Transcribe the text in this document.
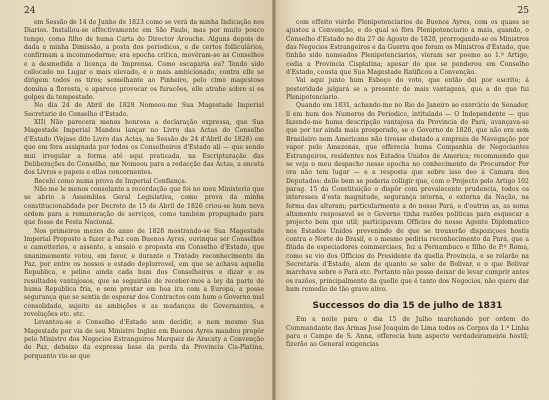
24

em Sessão de 14 de Junho de 1823 como se verá da minha Indicação nos Diarios. Installou-se effectivamente em São Paulo, mas por muito pouco tempo, como filho de huma Carta do Director Arouche. Alguns depois de dada a minha Dimissão, a posta dos periodicos, e de certos folliculários, confirmam a incommodarme; era epocha critica, movêram-se as Conselhos e a desmedida a licença de Imprensa. Como escaparia eu? Tendo sido collocado no Lugar o mais elevado, e o mais ambicionado, contra elle se dirigem todos os tiros; semelhante ao Pinheiro, pelo cimo magestoso domina a floresta, e aparece provocar os furacões, elle atrahe sobre si os golpes da tempestade.

No dia 24 de Abril de 1828 Nomeou-me Sua Magestade Imperial Secretario do Conselho d'Estado.

XII) Não parecera menos honrosa a declaração expressa, que Sua Magestade Imperial Mandou lançar no Livro das Actas do Conselho d'Estado (Vejase dito Livro das Actas, na Sessão de 24 d'Abril de 1828) em que em fora assignada por todos os Conselheiros d'Estado ali — que sendo mui irregular a forma até aqui praticada, na Escripturação das Deliberações do Conselho, me Nomeou para a redacção das Actas, a encetá dos Livros e papeis e ellas concernentes.

Recebi como numa prova de Imperial Confiança.

Não me le menos consolante a recordação que foi no meu Ministerio que se abrio a Assemblea Geral Legislativa, como prova da minha constitucionalidade por Decreto de 15 de Abril de 1826 criou-se hum nova ordem para a remuneração de serviços, como também propugnado para que fosse de Festa Nacional.

Nos primeiros mezes do anno de 1828 mostrando-se Sua Magestade Imperial Proposto a fazer a Paz com Buenos Ayres, ouvinque ser Conselhos e cametterios, e assento, a ensaio e proposta em Conselho d'Estado, que unanimemente votou, em favor, e durante o Tratado reconhecimento da Paz, por entre os nossos e estado deplorrovel, em que se achava aquella Republica, e pelino ainda cada hum dos Conselheiros e dizar e os resultados vantajosos, que se seguirião de receber-mos a ley da parte de huma Republica fria, e sem prestar em boa ira com a Europa, a posse segurança que se sentia de esperar dos Contractos com hum o Governo mal consolidado, sujeito as ambições e as mudanças de Governantes, e revoluções etc. etc.

Levantou-se o Conselho d'Estado sem decidir, e nem mesmo Sua Magestade por via de seu Ministro Inglez em Buenos Ayres mandou propôr pelo Ministro dos Negocios Estrangeiros Marquez de Aracaty a Convenção de Paz, debaixo da expressa base da perda da Provincia Cis-Platina, porquanto vio-se que

25

com effeito viérão Plenipotenciarios de Buenos Ayres, com os quaes se ajustou a Convenção, e do qual só fôra Plenipotenciario a mais, quando, o Conselho d'Estado no dia 27 de Agosto de 1828, prorrogando-se os Ministros das Negocios Estrangeiros e da Guerra que foram os Ministros d'Estado, que tinhão sido nomeados Plenipotenciarios, vieram ser poemo ao 1.º Artigo, cedia a Provincia Cisplatina; apesar do que se ponderou em Conselho d'Estado, cousta que Sua Magestade Ratificou a Convenção.

Vai aqui junto hum Esboço do voto, que então dei por escrito; á posteridade julgará se a presente de mais vantagens, que a do que fui Plenipotenciario.

Quando em 1831, achando-me no Rio de Janeiro ao exercício de Senador, li em hum dos Numeros do Periodico, intitulado — O Independente — que fazendo-me huma descripção vantajosa da Provincia do Pará, avançava-se que por ter ainda mais prosperado, se o Governo de 1826, que não era sem Brasileiro nem Americano não tivesse obstado a empreza de Navegação por vapor pelo Amazonas, que offerecia huma Companhia de Negociantes Estrangeiros, residentes nos Estados Unidos de America; recommendo que se veja o meu despacho nesse epocha no conhecimento de Procurador Por ora não tem lugar — e a resposta que sobre isso deo á Camara dos Deputados: delle bem se poderia colligir que, com o Projecto pelo Artigo 102 parag. 15 da Constituição o dispôr com prevalecente prudencia, todos os interesses d'esta magnitude, segurança interna, e externa da Nação, na forma das alteram; particularmente a do nosso Pará, e d'outras as, as soma altamente resposavel se o Governo tinha razões politicas para esquecar a projecto bem que util; participavam Officios do nosso Agente Diplomatico nos Estados Unidos prevenindo de que se trouxerão dispoziçoes hostis contra o Norte do Brasil, e o mesmo pediria reconhecimento da Pará, que a fitada de especiadores commerciaes, fez a Pernambuco e filho de P.º Roma, como se vio dos Officios do Presidente da quella Provincia, e se relarão na Secretaria d'Estado, alem de quanto se sabe de Bolivar, e o que Bolivar marchava sobre o Pará etc. Portanto não posso deixar de levar cumprir antes os razões, principalmente da quelle que é tanto dos Negocios, não quero dar hum remedio de tão grave elivo.

Successos do dia 15 de julho de 1831

Em a noite para o dia 15 de Julho marchando por ordem do Commandante das Armas José Joaquim de Lima todos os Corpos da 1.ª Linha para o Campo de S. Anna, offerecia hum aspecto verdadeiramente hostil; fizerão ao General exigencias
